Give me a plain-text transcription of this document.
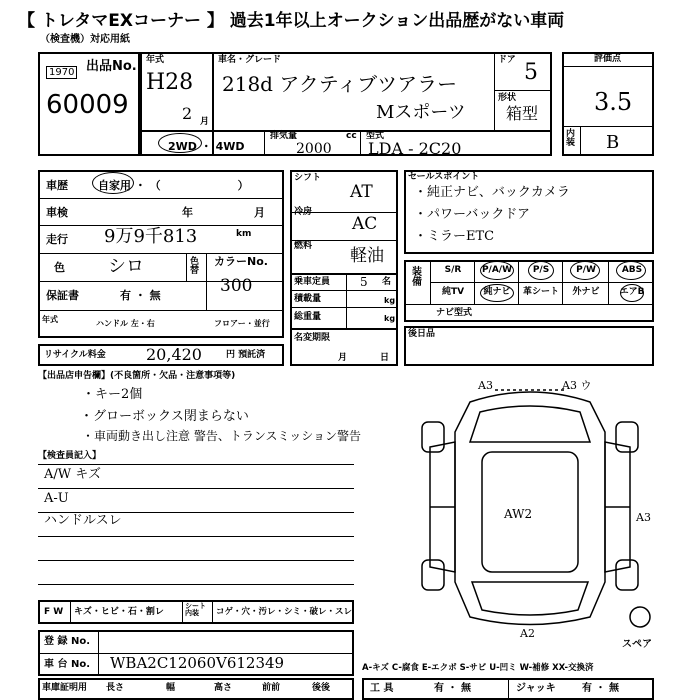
【 トレタマEXコーナー 】 過去1年以上オークション出品歴がない車両
（検査機）対応用紙
出品No.
1970
60009
年式
H28
2 月
車名・グレード
218d アクティブツアラー
Mスポーツ
ドア 5
形状
箱型
2WD ・ 4WD
排気量	cc
2000
型式
LDA - 2C20
評価点
3.5
内装 B
車歴	自家用 ・ （　　　　　　　）
車検	年	月
走行 9万9千813	km
色 シロ	色替
カラーNo.
300
保証書	有 ・ 無
年式	ハンドル 左・右	フロアー・並行
リサイクル料金	20,420	円 預託済
シフト
AT
冷房
AC
燃料 軽油
乗車定員 5 名
積載量	kg
総重量	kg
名変期限
月	日
セールスポイント
・純正ナビ、バックカメラ
・パワーバックドア
・ミラーETC
装備
S/R	P/A/W	P/S	P/W	ABS
純TV	純ナビ	革シート	外ナビ	エアB
ナビ型式
後日品
【出品店申告欄】(不良箇所・欠品・注意事項等)
・キー2個
・グローボックス閉まらない
・車両動き出し注意 警告、トランスミッション警告
【検査員記入】
A/W キズ
A-U
ハンドルスレ
A3	A3 ウ
A3
AW2
A2
スペア
F W キズ・ヒビ・石・割レ
シート内装	コゲ・穴・汚レ・シミ・破レ・スレ
登 録 No.
車 台 No. WBA2C12060V612349
車庫証明用 長さ	幅	高さ	前前	後後
A-キズ C-腐食 E-エクボ S-サビ U-凹ミ W-補修 XX-交換済
工 具	有 ・ 無	ジャッキ	有 ・ 無
